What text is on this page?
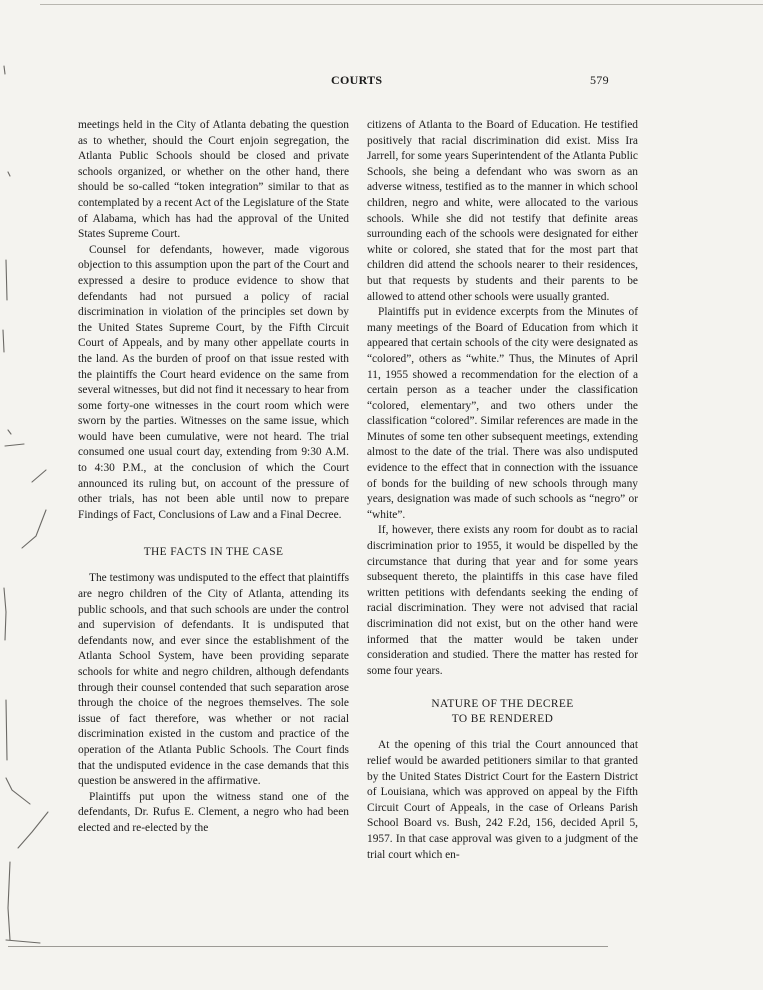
COURTS	579

meetings held in the City of Atlanta debating the question as to whether, should the Court enjoin segregation, the Atlanta Public Schools should be closed and private schools organized, or whether on the other hand, there should be so-called “token integration” similar to that as contemplated by a recent Act of the Legislature of the State of Alabama, which has had the approval of the United States Supreme Court.

Counsel for defendants, however, made vigorous objection to this assumption upon the part of the Court and expressed a desire to produce evidence to show that defendants had not pursued a policy of racial discrimination in violation of the principles set down by the United States Supreme Court, by the Fifth Circuit Court of Appeals, and by many other appellate courts in the land. As the burden of proof on that issue rested with the plaintiffs the Court heard evidence on the same from several witnesses, but did not find it necessary to hear from some forty-one witnesses in the court room which were sworn by the parties. Witnesses on the same issue, which would have been cumulative, were not heard. The trial consumed one usual court day, extending from 9:30 A.M. to 4:30 P.M., at the conclusion of which the Court announced its ruling but, on account of the pressure of other trials, has not been able until now to prepare Findings of Fact, Conclusions of Law and a Final Decree.

THE FACTS IN THE CASE

The testimony was undisputed to the effect that plaintiffs are negro children of the City of Atlanta, attending its public schools, and that such schools are under the control and supervision of defendants. It is undisputed that defendants now, and ever since the establishment of the Atlanta School System, have been providing separate schools for white and negro children, although defendants through their counsel contended that such separation arose through the choice of the negroes themselves. The sole issue of fact therefore, was whether or not racial discrimination existed in the custom and practice of the operation of the Atlanta Public Schools. The Court finds that the undisputed evidence in the case demands that this question be answered in the affirmative.

Plaintiffs put upon the witness stand one of the defendants, Dr. Rufus E. Clement, a negro who had been elected and re-elected by the

citizens of Atlanta to the Board of Education. He testified positively that racial discrimination did exist. Miss Ira Jarrell, for some years Superintendent of the Atlanta Public Schools, she being a defendant who was sworn as an adverse witness, testified as to the manner in which school children, negro and white, were allocated to the various schools. While she did not testify that definite areas surrounding each of the schools were designated for either white or colored, she stated that for the most part that children did attend the schools nearer to their residences, but that requests by students and their parents to be allowed to attend other schools were usually granted.

Plaintiffs put in evidence excerpts from the Minutes of many meetings of the Board of Education from which it appeared that certain schools of the city were designated as “colored”, others as “white.” Thus, the Minutes of April 11, 1955 showed a recommendation for the election of a certain person as a teacher under the classification “colored, elementary”, and two others under the classification “colored”. Similar references are made in the Minutes of some ten other subsequent meetings, extending almost to the date of the trial. There was also undisputed evidence to the effect that in connection with the issuance of bonds for the building of new schools through many years, designation was made of such schools as “negro” or “white”.

If, however, there exists any room for doubt as to racial discrimination prior to 1955, it would be dispelled by the circumstance that during that year and for some years subsequent thereto, the plaintiffs in this case have filed written petitions with defendants seeking the ending of racial discrimination. They were not advised that racial discrimination did not exist, but on the other hand were informed that the matter would be taken under consideration and studied. There the matter has rested for some four years.

NATURE OF THE DECREE
TO BE RENDERED

At the opening of this trial the Court announced that relief would be awarded petitioners similar to that granted by the United States District Court for the Eastern District of Louisiana, which was approved on appeal by the Fifth Circuit Court of Appeals, in the case of Orleans Parish School Board vs. Bush, 242 F.2d, 156, decided April 5, 1957. In that case approval was given to a judgment of the trial court which en-
